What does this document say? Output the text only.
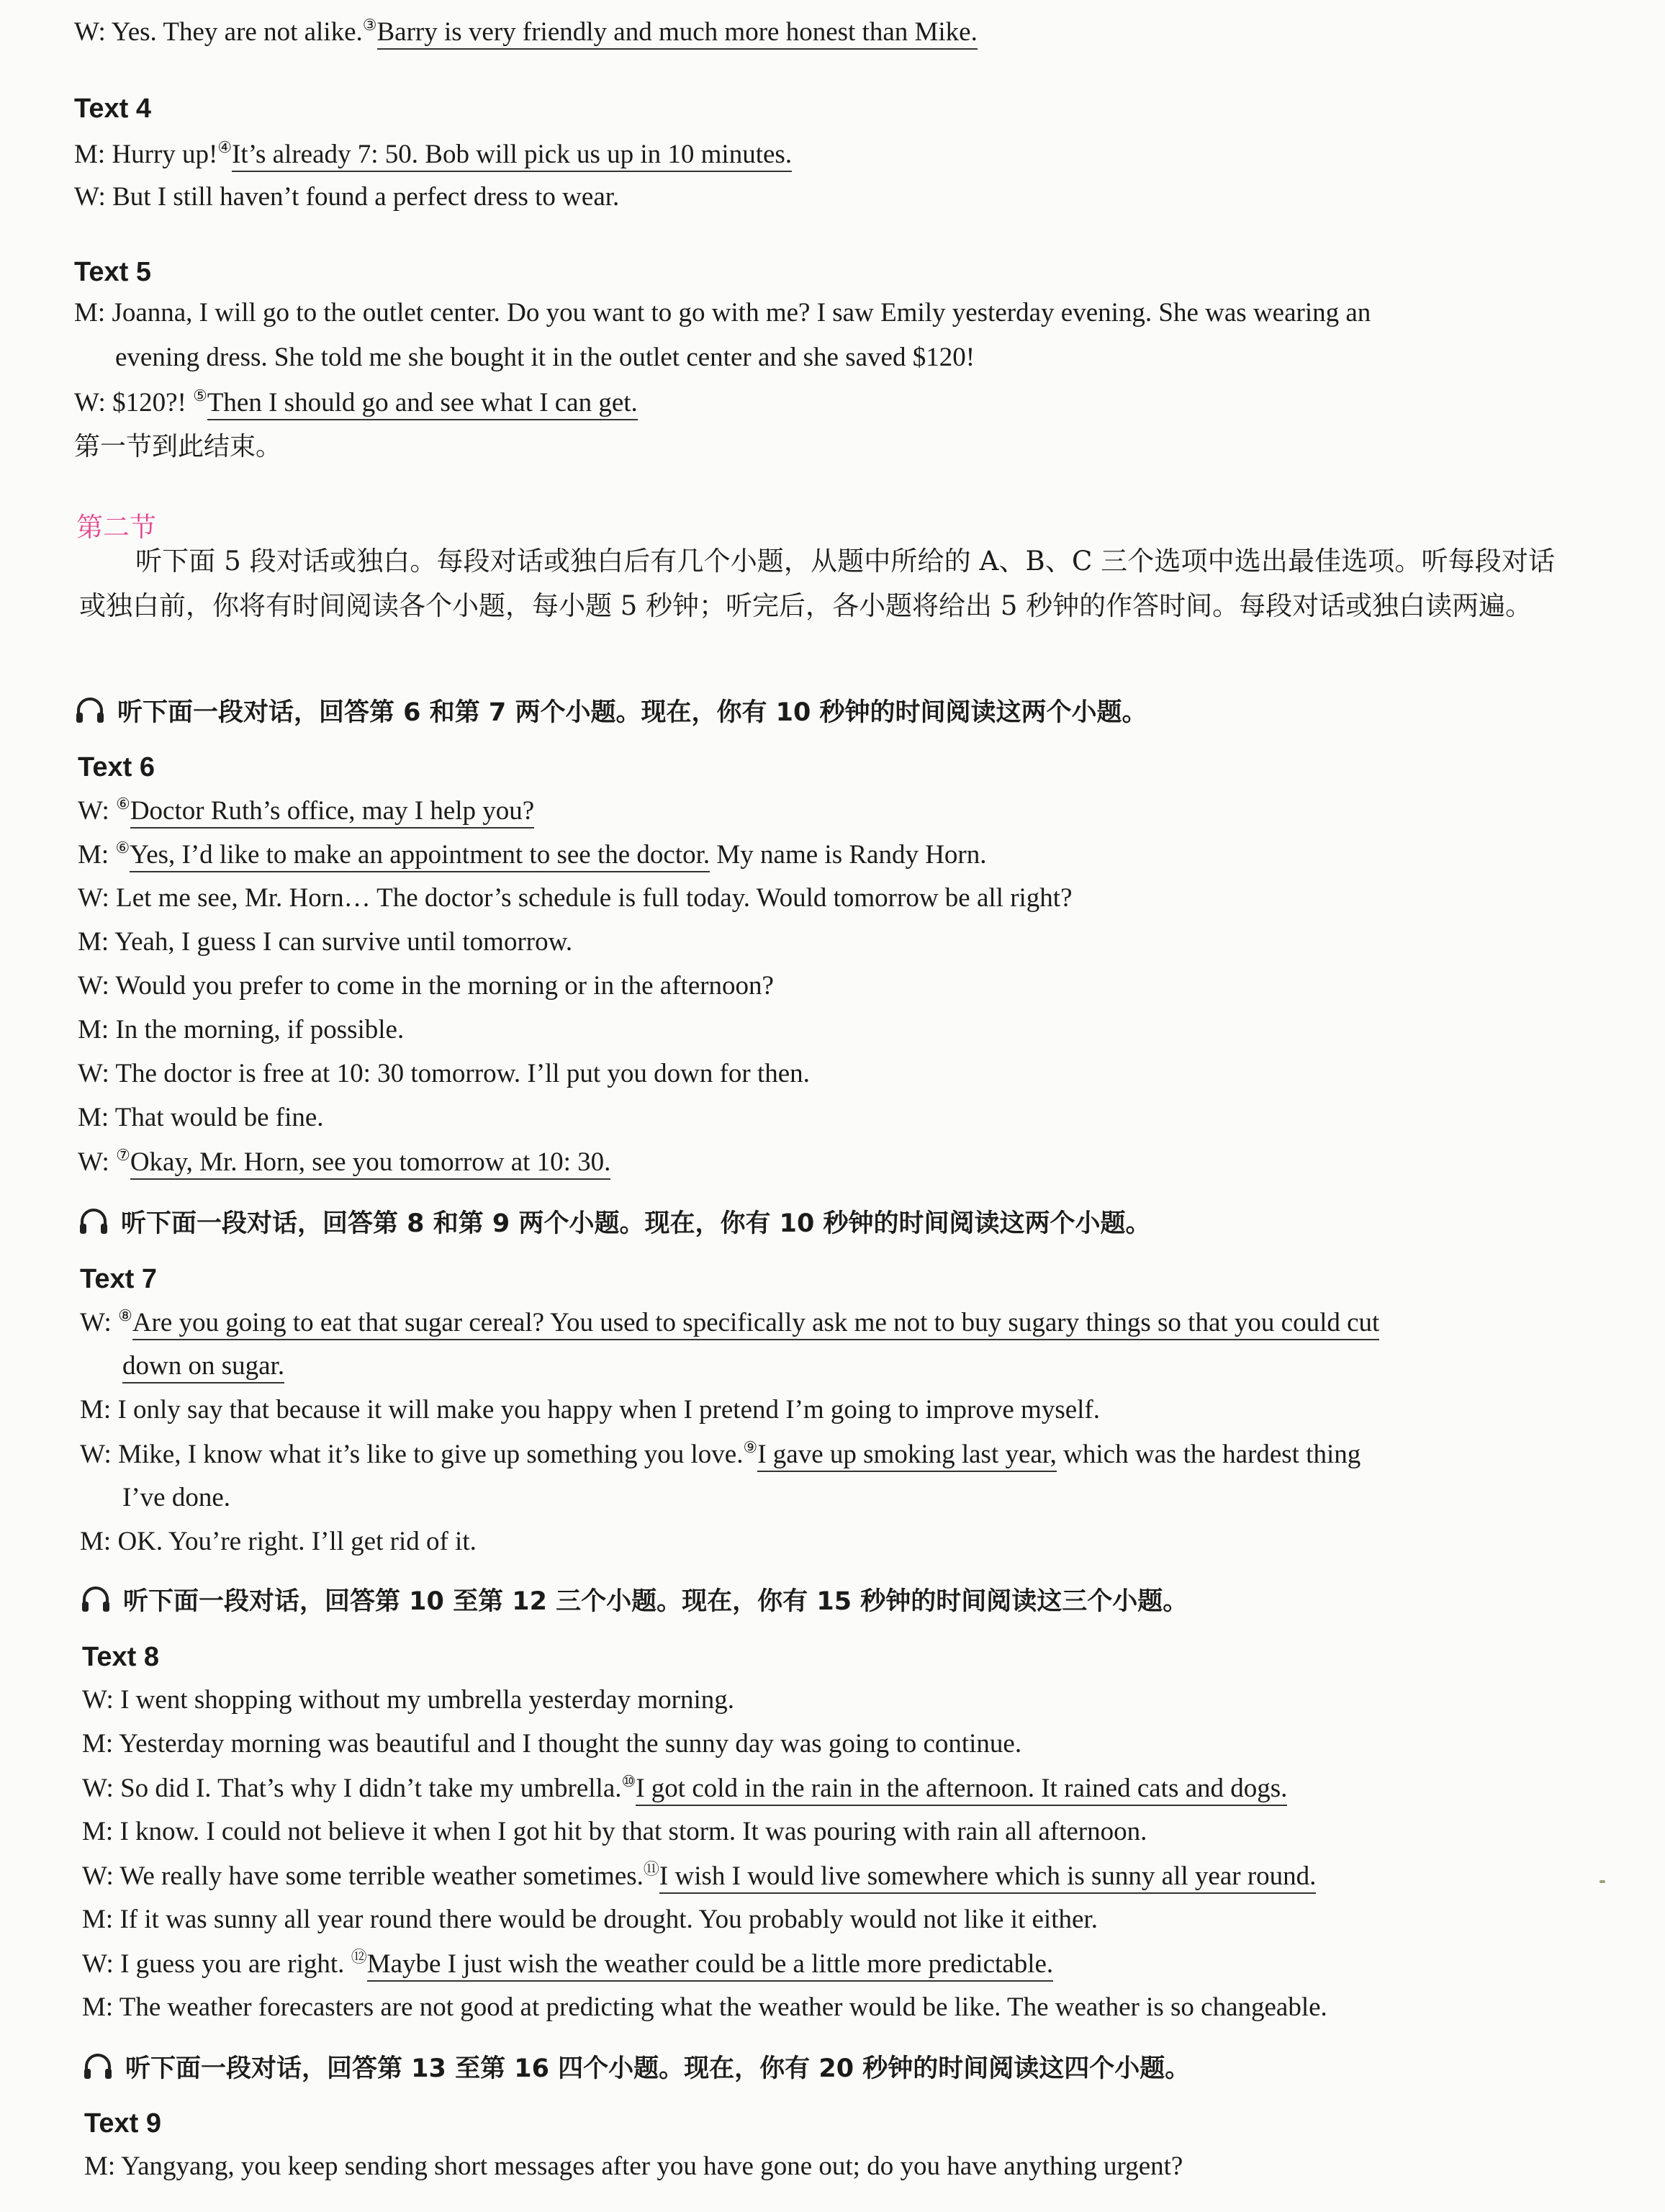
W: Yes. They are not alike.③Barry is very friendly and much more honest than Mike.
Text 4
M: Hurry up!④It’s already 7: 50. Bob will pick us up in 10 minutes.
W: But I still haven’t found a perfect dress to wear.
Text 5
M: Joanna, I will go to the outlet center. Do you want to go with me? I saw Emily yesterday evening. She was wearing an
evening dress. She told me she bought it in the outlet center and she saved $120!
W: $120?! ⑤Then I should go and see what I can get.
第一节到此结束。
第二节
听下面 5 段对话或独白。每段对话或独白后有几个小题，从题中所给的 A、B、C 三个选项中选出最佳选项。听每段对话或独白前，你将有时间阅读各个小题，每小题 5 秒钟；听完后，各小题将给出 5 秒钟的作答时间。每段对话或独白读两遍。
听下面一段对话，回答第 6 和第 7 两个小题。现在，你有 10 秒钟的时间阅读这两个小题。
Text 6
W: ⑥Doctor Ruth’s office, may I help you?
M: ⑥Yes, I’d like to make an appointment to see the doctor. My name is Randy Horn.
W: Let me see, Mr. Horn… The doctor’s schedule is full today. Would tomorrow be all right?
M: Yeah, I guess I can survive until tomorrow.
W: Would you prefer to come in the morning or in the afternoon?
M: In the morning, if possible.
W: The doctor is free at 10: 30 tomorrow. I’ll put you down for then.
M: That would be fine.
W: ⑦Okay, Mr. Horn, see you tomorrow at 10: 30.
听下面一段对话，回答第 8 和第 9 两个小题。现在，你有 10 秒钟的时间阅读这两个小题。
Text 7
W: ⑧Are you going to eat that sugar cereal? You used to specifically ask me not to buy sugary things so that you could cut
down on sugar.
M: I only say that because it will make you happy when I pretend I’m going to improve myself.
W: Mike, I know what it’s like to give up something you love.⑨I gave up smoking last year, which was the hardest thing
I’ve done.
M: OK. You’re right. I’ll get rid of it.
听下面一段对话，回答第 10 至第 12 三个小题。现在，你有 15 秒钟的时间阅读这三个小题。
Text 8
W: I went shopping without my umbrella yesterday morning.
M: Yesterday morning was beautiful and I thought the sunny day was going to continue.
W: So did I. That’s why I didn’t take my umbrella.⑩I got cold in the rain in the afternoon. It rained cats and dogs.
M: I know. I could not believe it when I got hit by that storm. It was pouring with rain all afternoon.
W: We really have some terrible weather sometimes.⑪I wish I would live somewhere which is sunny all year round.
M: If it was sunny all year round there would be drought. You probably would not like it either.
W: I guess you are right. ⑫Maybe I just wish the weather could be a little more predictable.
M: The weather forecasters are not good at predicting what the weather would be like. The weather is so changeable.
听下面一段对话，回答第 13 至第 16 四个小题。现在，你有 20 秒钟的时间阅读这四个小题。
Text 9
M: Yangyang, you keep sending short messages after you have gone out; do you have anything urgent?
